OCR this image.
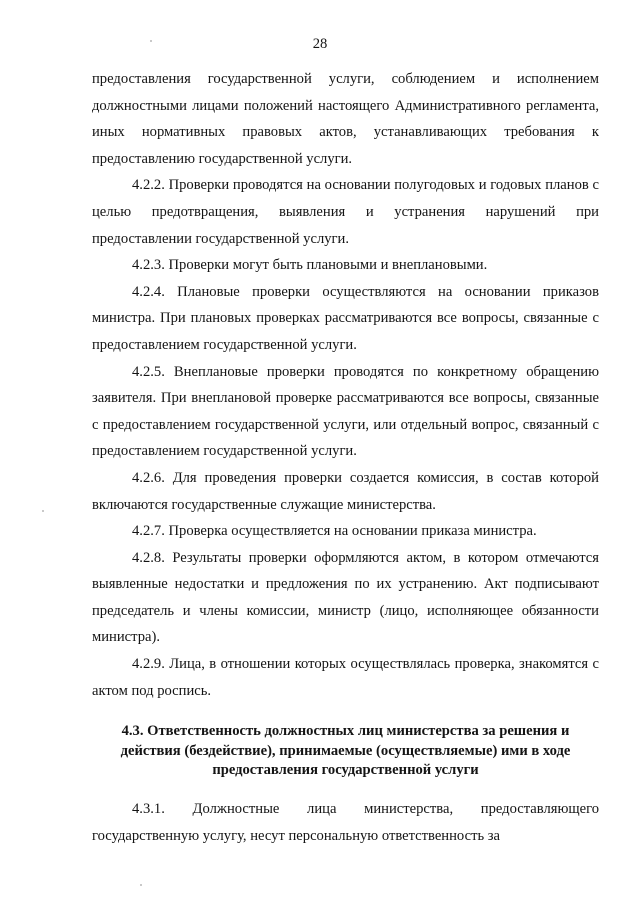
28

предоставления государственной услуги, соблюдением и исполнением должностными лицами положений настоящего Административного регламента, иных нормативных правовых актов, устанавливающих требования к предоставлению государственной услуги.

4.2.2. Проверки проводятся на основании полугодовых и годовых планов с целью предотвращения, выявления и устранения нарушений при предоставлении государственной услуги.

4.2.3. Проверки могут быть плановыми и внеплановыми.

4.2.4. Плановые проверки осуществляются на основании приказов министра. При плановых проверках рассматриваются все вопросы, связанные с предоставлением государственной услуги.

4.2.5. Внеплановые проверки проводятся по конкретному обращению заявителя. При внеплановой проверке рассматриваются все вопросы, связанные с предоставлением государственной услуги, или отдельный вопрос, связанный с предоставлением государственной услуги.

4.2.6. Для проведения проверки создается комиссия, в состав которой включаются государственные служащие министерства.

4.2.7. Проверка осуществляется на основании приказа министра.

4.2.8. Результаты проверки оформляются актом, в котором отмечаются выявленные недостатки и предложения по их устранению. Акт подписывают председатель и члены комиссии, министр (лицо, исполняющее обязанности министра).

4.2.9. Лица, в отношении которых осуществлялась проверка, знакомятся с актом под роспись.

4.3. Ответственность должностных лиц министерства за решения и действия (бездействие), принимаемые (осуществляемые) ими в ходе предоставления государственной услуги

4.3.1. Должностные лица министерства, предоставляющего государственную услугу, несут персональную ответственность за
